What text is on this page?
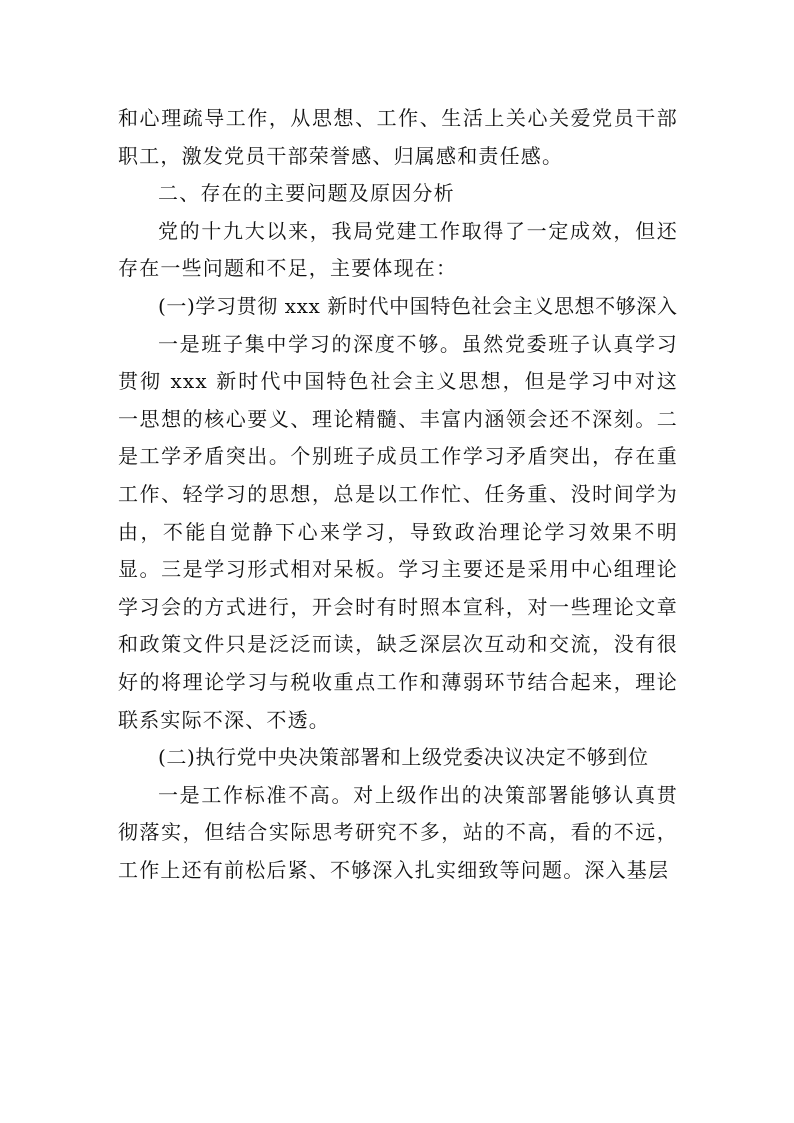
和心理疏导工作，从思想、工作、生活上关心关爱党员干部职工，激发党员干部荣誉感、归属感和责任感。

二、存在的主要问题及原因分析

党的十九大以来，我局党建工作取得了一定成效，但还存在一些问题和不足，主要体现在：

(一)学习贯彻 xxx 新时代中国特色社会主义思想不够深入

一是班子集中学习的深度不够。虽然党委班子认真学习贯彻 xxx 新时代中国特色社会主义思想，但是学习中对这一思想的核心要义、理论精髓、丰富内涵领会还不深刻。二是工学矛盾突出。个别班子成员工作学习矛盾突出，存在重工作、轻学习的思想，总是以工作忙、任务重、没时间学为由，不能自觉静下心来学习，导致政治理论学习效果不明显。三是学习形式相对呆板。学习主要还是采用中心组理论学习会的方式进行，开会时有时照本宣科，对一些理论文章和政策文件只是泛泛而读，缺乏深层次互动和交流，没有很好的将理论学习与税收重点工作和薄弱环节结合起来，理论联系实际不深、不透。

(二)执行党中央决策部署和上级党委决议决定不够到位

一是工作标准不高。对上级作出的决策部署能够认真贯彻落实，但结合实际思考研究不多，站的不高，看的不远，工作上还有前松后紧、不够深入扎实细致等问题。深入基层
